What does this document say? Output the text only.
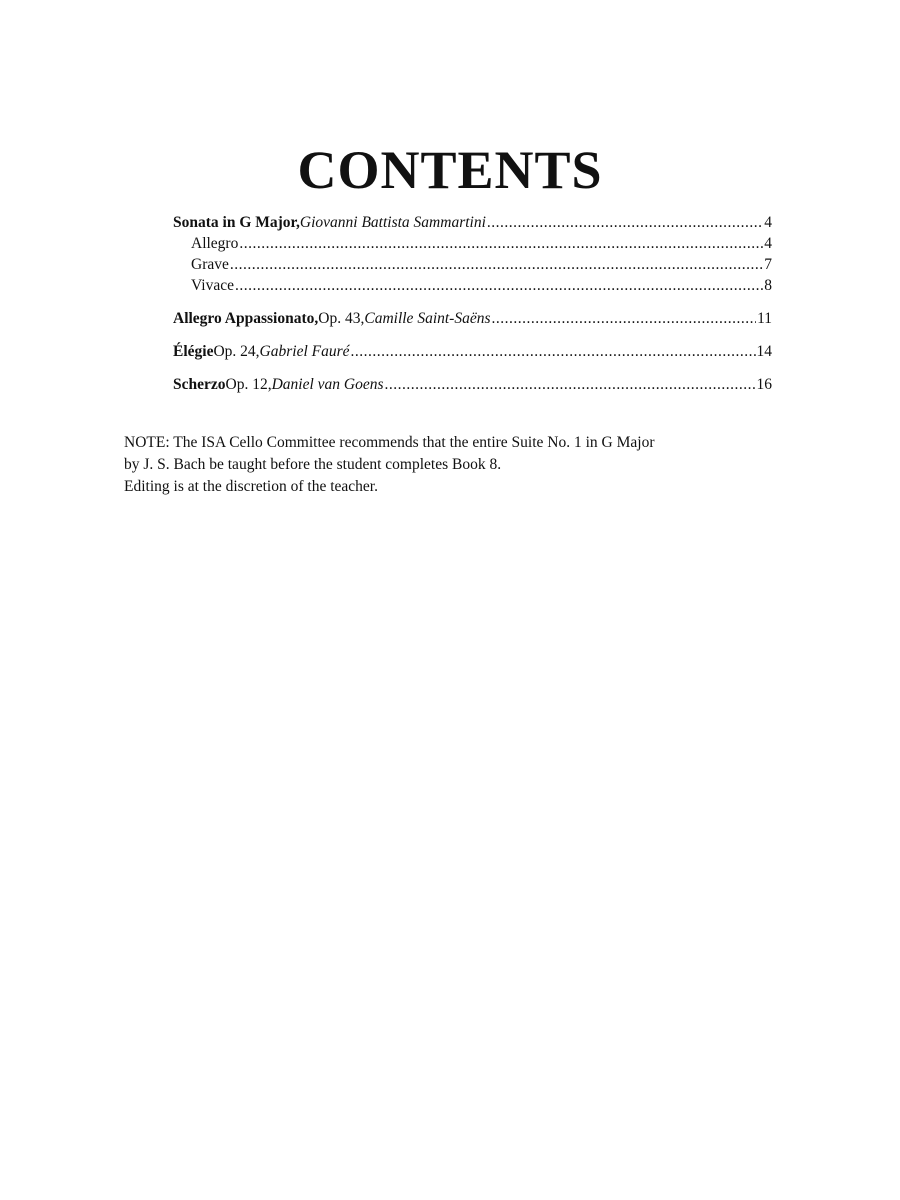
CONTENTS
Sonata in G Major, Giovanni Battista Sammartini .....	4
Allegro .....	4
Grave .....	7
Vivace .....	8
Allegro Appassionato, Op. 43, Camille Saint-Saëns .....	11
Élégie Op. 24, Gabriel Fauré .....	14
Scherzo Op. 12, Daniel van Goens .....	16
NOTE: The ISA Cello Committee recommends that the entire Suite No. 1 in G Major
by J. S. Bach be taught before the student completes Book 8.
Editing is at the discretion of the teacher.
